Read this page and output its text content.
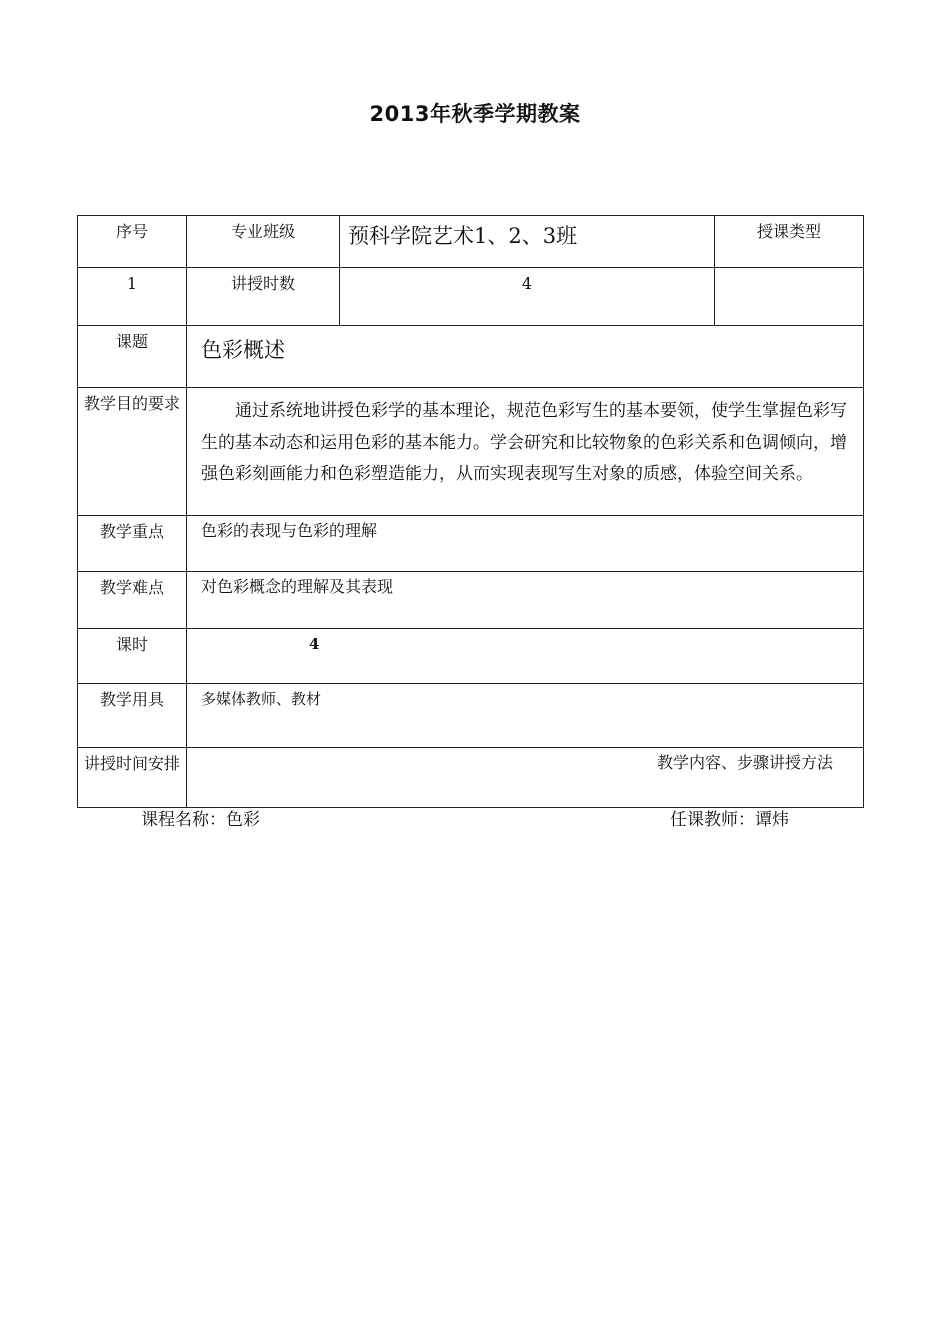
2013年秋季学期教案
序号	专业班级	预科学院艺术1、2、3班	授课类型
1	讲授时数	4	
课题	色彩概述		
教学目的要求	通过系统地讲授色彩学的基本理论，规范色彩写生的基本要领，使学生掌握色彩写生的基本动态和运用色彩的基本能力。学会研究和比较物象的色彩关系和色调倾向，增强色彩刻画能力和色彩塑造能力，从而实现表现写生对象的质感，体验空间关系。		
教学重点	色彩的表现与色彩的理解		
教学难点	对色彩概念的理解及其表现		
课时	4		
教学用具	多媒体教师、教材		
讲授时间安排	教学内容、步骤讲授方法		
课程名称：色彩	任课教师：谭炜
